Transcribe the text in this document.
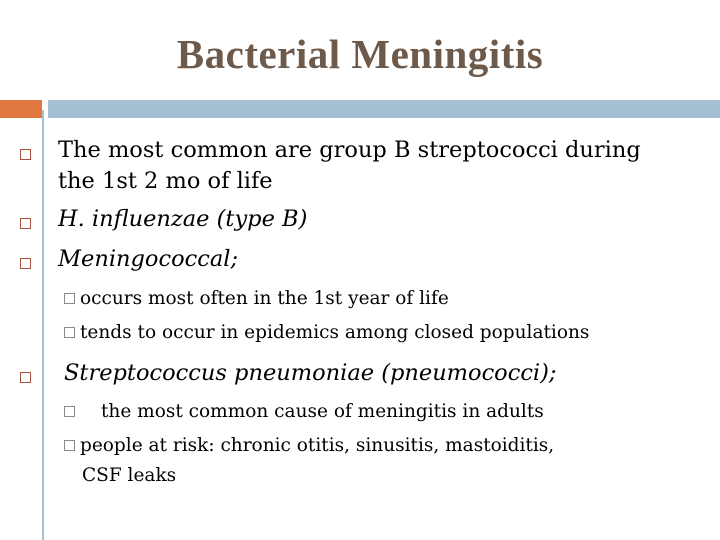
Bacterial Meningitis
The most common are group B streptococci during
the 1st 2 mo of life
H. influenzae (type B)
Meningococcal;
occurs most often in the 1st year of life
tends to occur in epidemics among closed populations
Streptococcus pneumoniae (pneumococci);
the most common cause of meningitis in adults
people at risk: chronic otitis, sinusitis, mastoiditis,
CSF leaks
